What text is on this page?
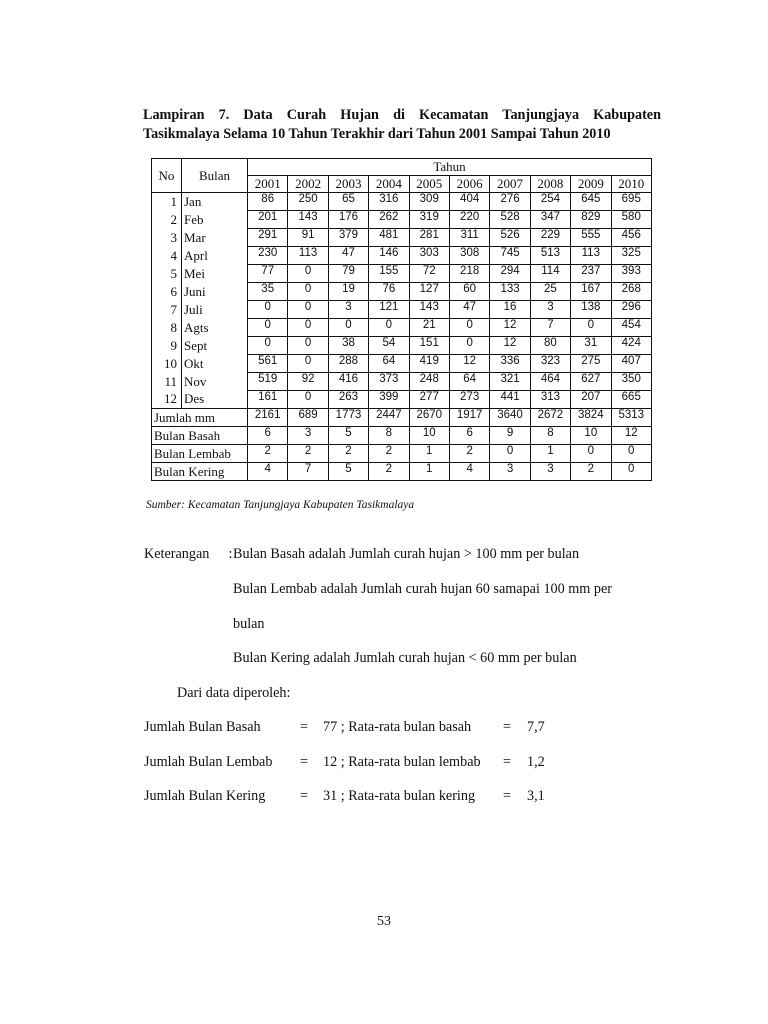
Lampiran 7. Data Curah Hujan di Kecamatan Tanjungjaya Kabupaten
Tasikmalaya Selama 10 Tahun Terakhir dari Tahun 2001 Sampai Tahun 2010
No	Bulan	Tahun									
		2001	2002	2003	2004	2005	2006	2007	2008	2009	2010
1	Jan	86	250	65	316	309	404	276	254	645	695
2	Feb	201	143	176	262	319	220	528	347	829	580
3	Mar	291	91	379	481	281	311	526	229	555	456
4	Aprl	230	113	47	146	303	308	745	513	113	325
5	Mei	77	0	79	155	72	218	294	114	237	393
6	Juni	35	0	19	76	127	60	133	25	167	268
7	Juli	0	0	3	121	143	47	16	3	138	296
8	Agts	0	0	0	0	21	0	12	7	0	454
9	Sept	0	0	38	54	151	0	12	80	31	424
10	Okt	561	0	288	64	419	12	336	323	275	407
11	Nov	519	92	416	373	248	64	321	464	627	350
12	Des	161	0	263	399	277	273	441	313	207	665
Jumlah mm		2161	689	1773	2447	2670	1917	3640	2672	3824	5313
Bulan Basah		6	3	5	8	10	6	9	8	10	12
Bulan Lembab		2	2	2	2	1	2	0	1	0	0
Bulan Kering		4	7	5	2	1	4	3	3	2	0
Sumber: Kecamatan Tanjungjaya Kabupaten Tasikmalaya
Keterangan : Bulan Basah adalah Jumlah curah hujan > 100 mm per bulan
Bulan Lembab adalah Jumlah curah hujan 60 samapai 100 mm per
bulan
Bulan Kering adalah Jumlah curah hujan < 60 mm per bulan
Dari data diperoleh:
Jumlah Bulan Basah	= 77 ; Rata-rata bulan basah = 7,7
Jumlah Bulan Lembab = 12 ; Rata-rata bulan lembab = 1,2
Jumlah Bulan Kering = 31 ; Rata-rata bulan kering = 3,1
53
